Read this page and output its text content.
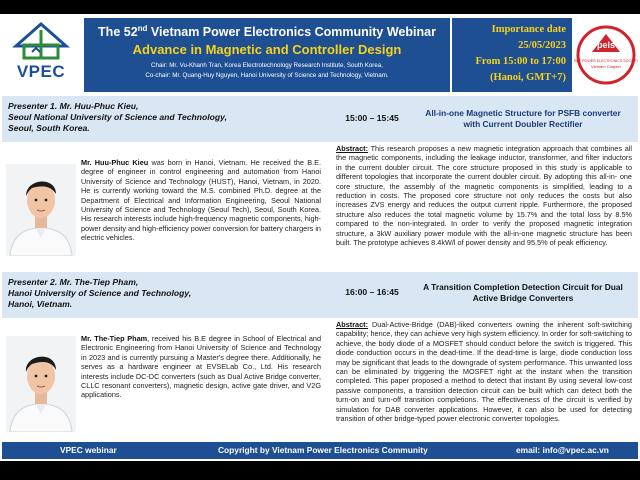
VPEC
The 52nd Vietnam Power Electronics Community Webinar
Advance in Magnetic and Controller Design
Chair: Mr. Vu-Khanh Tran, Korea Electrotechnology Research Institute, South Korea,
Co-chair: Mr. Quang-Huy Nguyen, Hanoi University of Science and Technology, Vietnam.
Importance date
25/05/2023
From 15:00 to 17:00
(Hanoi, GMT+7)
pels
IEEE POWER ELECTRONICS SOCIETY
Vietnam Chapter
Presenter 1. Mr. Huu-Phuc Kieu,
Seoul National University of Science and Technology,
Seoul, South Korea.
15:00 – 15:45	All-in-one Magnetic Structure for PSFB converter
with Current Doubler Rectifier
Mr. Huu-Phuc Kieu was born in Hanoi, Vietnam. He received the B.E. degree of engineer in control engineering and automation from Hanoi University of Science and Technology (HUST), Hanoi, Vietnam, in 2020. He is currently working toward the M.S. combined Ph.D. degree at the Department of Electrical and Information Engineering, Seoul National University of Science and Technology (Seoul Tech), Seoul, South Korea. His research interests include high-frequency magnetic components, high-power density and high-efficiency power conversion for battery chargers in electric vehicles.
Abstract: This research proposes a new magnetic integration approach that combines all the magnetic components, including the leakage inductor, transformer, and filter inductors in the current doubler circuit. The core structure proposed in this study is applicable to different topologies that incorporate the current doubler circuit. By adopting this all-in- one core structure, the assembly of the magnetic components is simplified, leading to a reduction in costs. The proposed core structure not only reduces the costs but also increases ZVS energy and reduces the output current ripple. Furthermore, the proposed structure also reduces the total magnetic volume by 15.7% and the total loss by 8.5% compared to the non-integrated. In order to verify the proposed magnetic integration structure, a 3kW auxiliary power module with the all-in-one magnetic structure has been built. The prototype achieves 8.4kW/l of power density and 95.5% of peak efficiency.
Presenter 2. Mr. The-Tiep Pham,
Hanoi University of Science and Technology,
Hanoi, Vietnam.
16:00 – 16:45	A Transition Completion Detection Circuit for Dual
Active Bridge Converters
Mr. The-Tiep Pham, received his B.E degree in School of Electrical and Electronic Engineering from Hanoi University of Science and Technology in 2023 and is currently pursuing a Master's degree there. Additionally, he serves as a hardware engineer at EVSELab Co., Ltd. His research interests include DC-DC converters (such as Dual Active Bridge converter, CLLC resonant converters), magnetic design, active gate driver, and V2G applications.
Abstract: Dual-Active-Bridge (DAB)-liked converters owning the inherent soft-switching capability; hence, they can achieve very high system efficiency. In order for soft-switching to achieve, the body diode of a MOSFET should conduct before the switch is triggered. This diode conduction occurs in the dead-time. If the dead-time is large, diode conduction loss may be significant that leads to the downgrade of system performance. This unwanted loss can be eliminated by triggering the MOSFET right at the instant when the transition completed. This paper proposed a method to detect that instant By using several low-cost passive components, a transition detection circuit can be built which can detect both the turn-on and turn-off transition completions. The effectiveness of the circuit is verified by simulation for DAB converter applications. However, it can also be used for detecting transition of other bridge-typed power electronic converter topologies.
VPEC webinar	Copyright by Vietnam Power Electronics Community	email: info@vpec.ac.vn
